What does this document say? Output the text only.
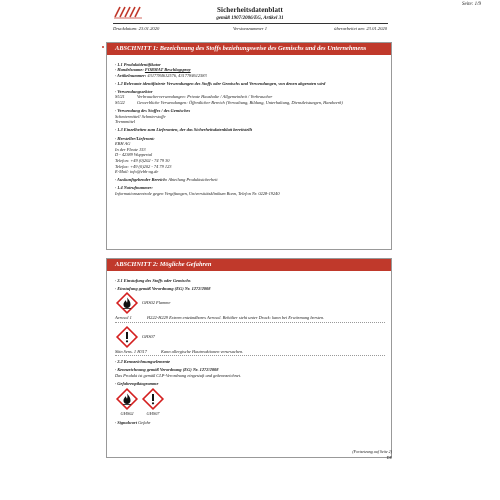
Seite: 1/9
Sicherheitsdatenblatt
gemäß 1907/2006/EG, Artikel 31
Druckdatum: 23.01.2020	Versionsnummer 1	überarbeitet am: 23.01.2020
ABSCHNITT 1: Bezeichnung des Stoffs beziehungsweise des Gemischs und des Unternehmens
· 1.1 Produktidentifikator
· Handelsname: FORMAT Beschlagspray
· Artikelnummer: 4317784612576, 4317784612583
· 1.2 Relevante identifizierte Verwendungen des Stoffs oder Gemischs und Verwendungen, von denen abgeraten wird
· Verwendungssektor
SU21	Verbraucherverwendungen: Private Haushalte / Allgemeinheit / Verbraucher
SU22	Gewerbliche Verwendungen: Öffentlicher Bereich (Verwaltung, Bildung, Unterhaltung, Dienstleistungen, Handwerk)
· Verwendung des Stoffes / des Gemisches
Schmiermittel/ Schmierstoffe
Trennmittel
· 1.3 Einzelheiten zum Lieferanten, der das Sicherheitsdatenblatt bereitstellt
· Hersteller/Lieferant:
EBH AG
In der Fleute 153
D - 42389 Wuppertal
Telefon: +49 (0)202 - 74 79 30
Telefax: +49 (0)202 - 74 79 123
E-Mail: info@ebh-ag.de
· Auskunftgebender Bereich: Abteilung Produktsicherheit
· 1.4 Notrufnummer:
Informationszentrale gegen Vergiftungen, Universitätsklinikum Bonn, Telefon Nr. 0228-19240
ABSCHNITT 2: Mögliche Gefahren
· 2.1 Einstufung des Stoffs oder Gemischs
· Einstufung gemäß Verordnung (EG) Nr. 1272/2008
GHS02 Flamme
Aerosol 1	H222-H229 Extrem entzündbares Aerosol. Behälter steht unter Druck: kann bei Erwärmung bersten.
GHS07
Skin Sens. 1 H317	Kann allergische Hautreaktionen verursachen.
· 2.2 Kennzeichnungselemente
· Kennzeichnung gemäß Verordnung (EG) Nr. 1272/2008
Das Produkt ist gemäß CLP-Verordnung eingestuft und gekennzeichnet.
· Gefahrenpiktogramme
GHS02	GHS07
· Signalwort Gefahr
(Fortsetzung auf Seite 2)
DE
